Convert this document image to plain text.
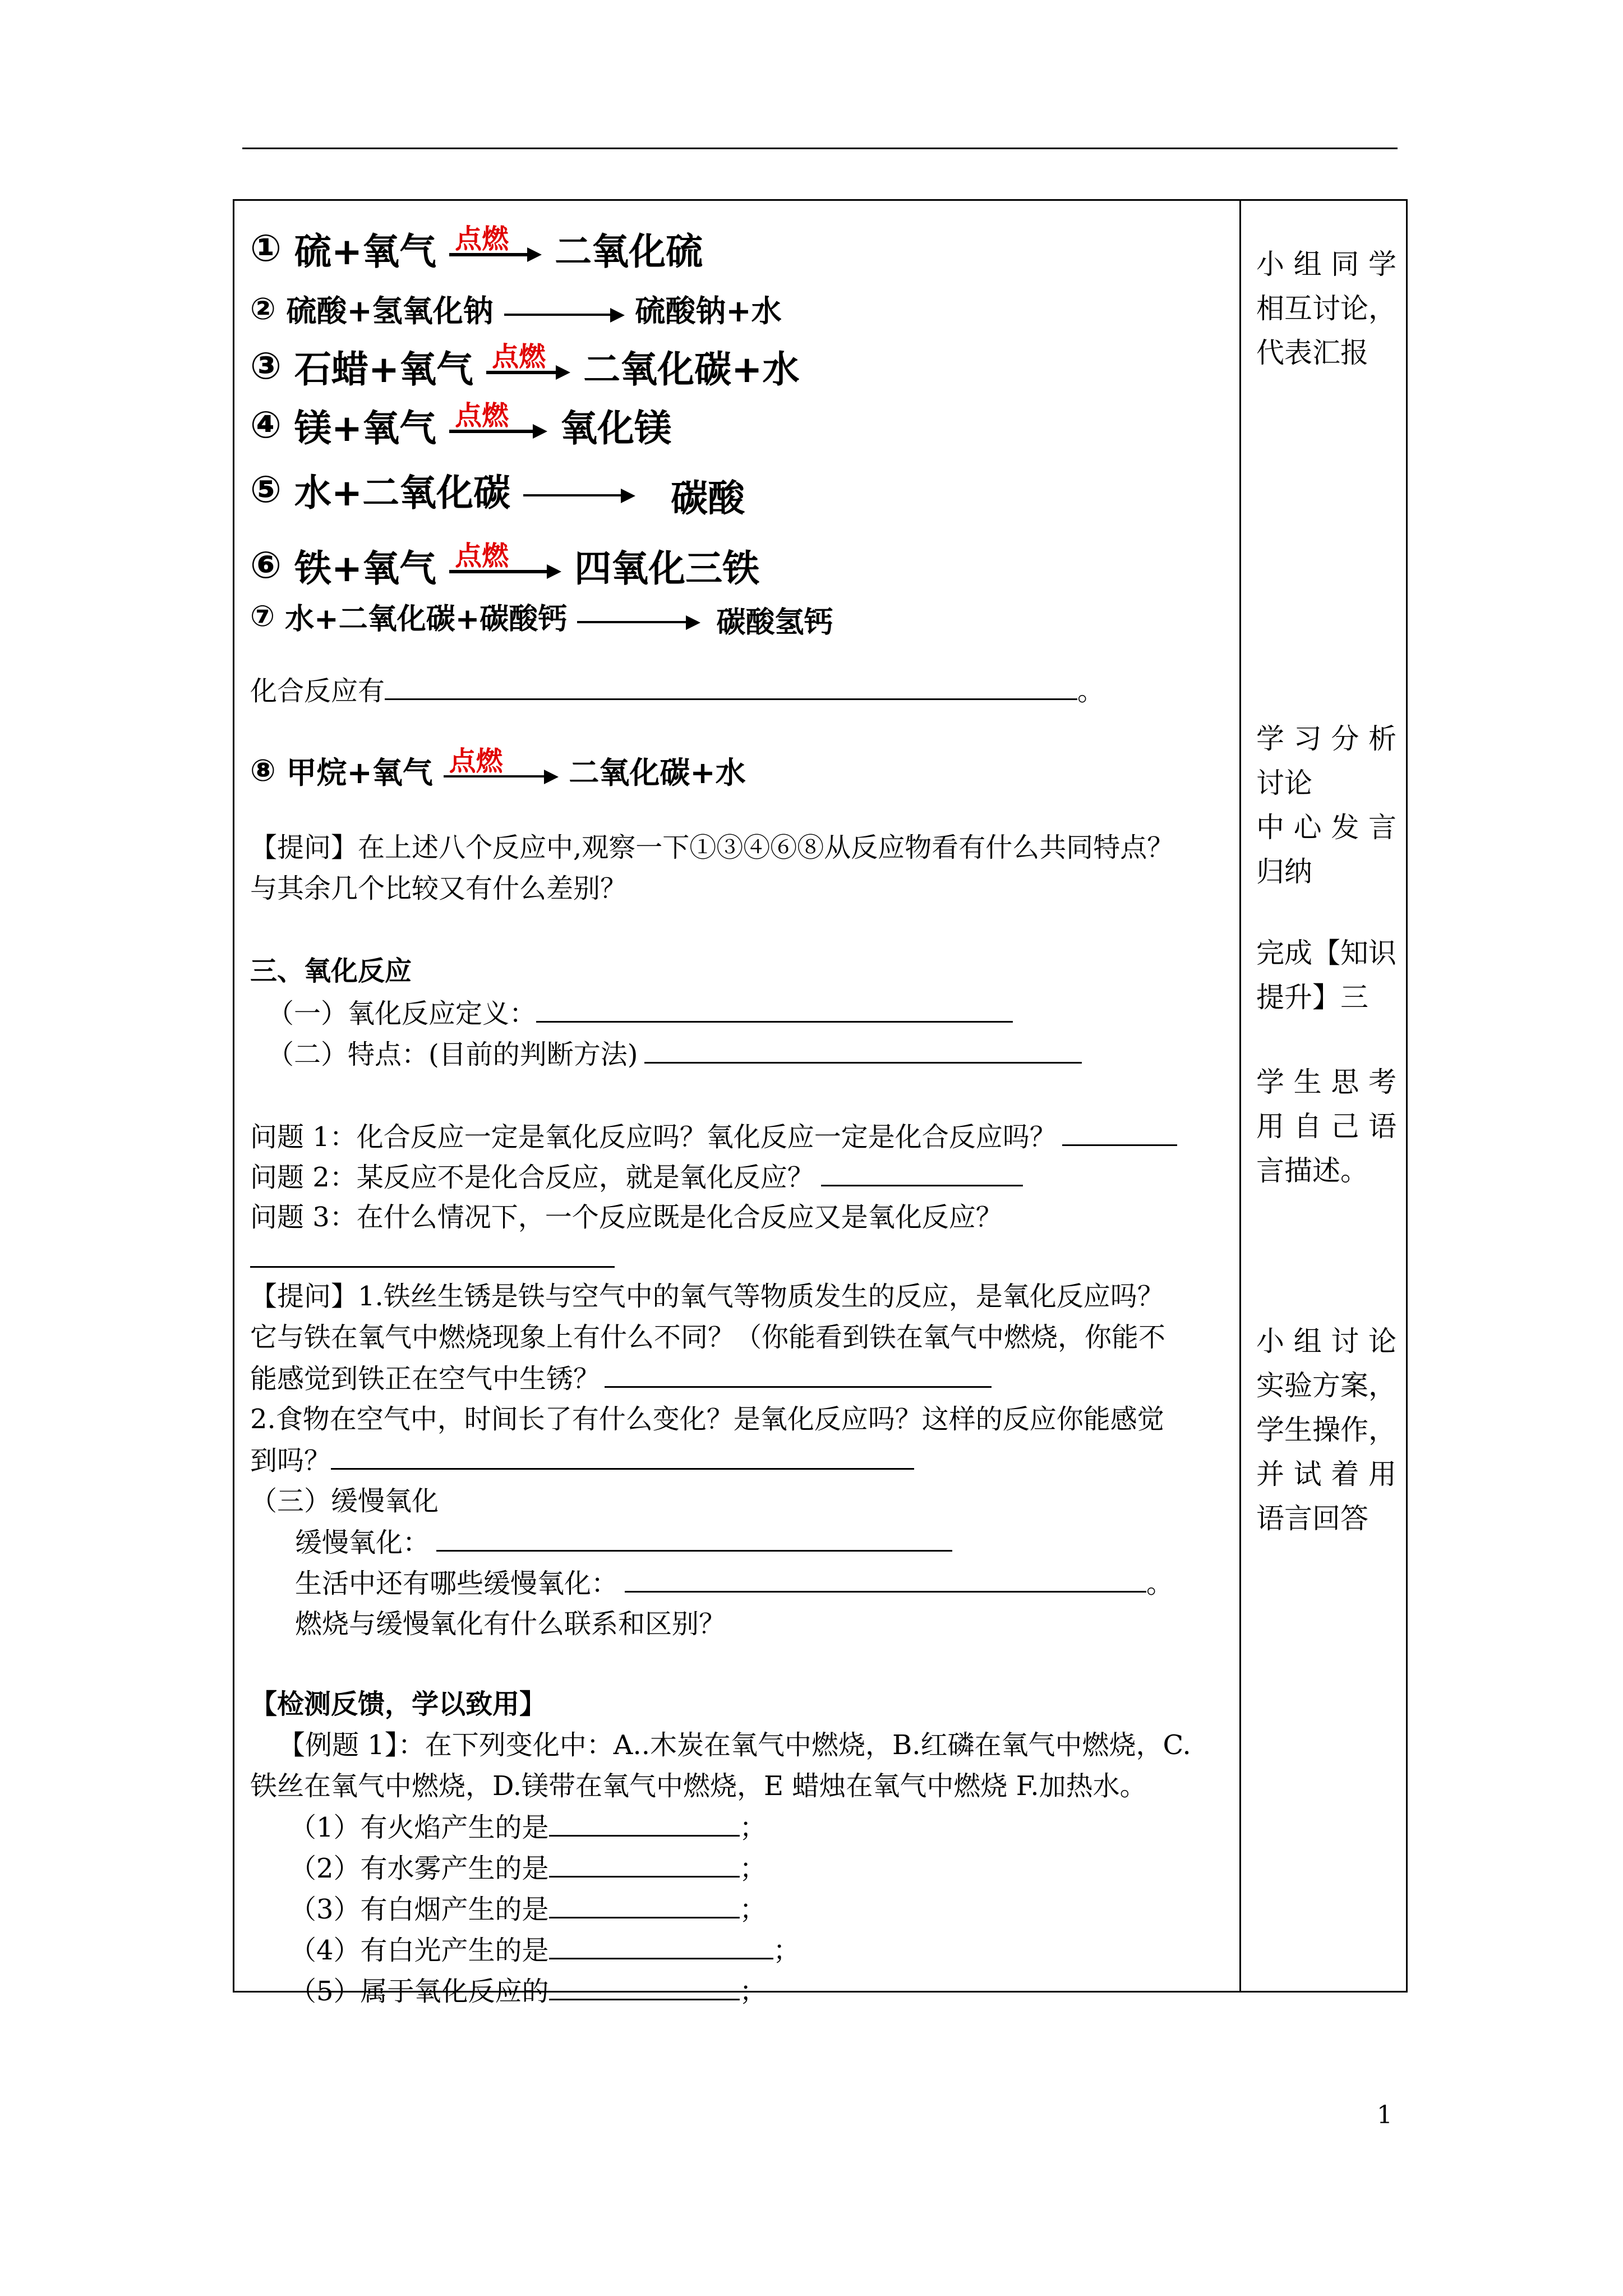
① 硫+氧气 点燃 二氧化硫
② 硫酸+氢氧化钠	硫酸钠+水
③ 石蜡+氧气 点燃 二氧化碳+水
④ 镁+氧气 点燃 氧化镁
⑤ 水+二氧化碳	碳酸
⑥ 铁+氧气 点燃 四氧化三铁
⑦ 水+二氧化碳+碳酸钙	碳酸氢钙
化合反应有	。
⑧ 甲烷+氧气 点燃 二氧化碳+水
【提问】在上述八个反应中,观察一下①③④⑥⑧从反应物看有什么共同特点？
与其余几个比较又有什么差别？
三、氧化反应
（一）氧化反应定义：
（二）特点：(目前的判断方法)
问题 1：化合反应一定是氧化反应吗？氧化反应一定是化合反应吗？
问题 2：某反应不是化合反应，就是氧化反应？
问题 3：在什么情况下，一个反应既是化合反应又是氧化反应？
【提问】1.铁丝生锈是铁与空气中的氧气等物质发生的反应，是氧化反应吗？
它与铁在氧气中燃烧现象上有什么不同？（你能看到铁在氧气中燃烧，你能不
能感觉到铁正在空气中生锈？
2.食物在空气中，时间长了有什么变化？是氧化反应吗？这样的反应你能感觉
到吗？
（三）缓慢氧化
缓慢氧化：
生活中还有哪些缓慢氧化：	。
燃烧与缓慢氧化有什么联系和区别？
【检测反馈，学以致用】
【例题 1】：在下列变化中：A..木炭在氧气中燃烧，B.红磷在氧气中燃烧，C.
铁丝在氧气中燃烧，D.镁带在氧气中燃烧，E 蜡烛在氧气中燃烧 F.加热水。
（1）有火焰产生的是	；
（2）有水雾产生的是	；
（3）有白烟产生的是	；
（4）有白光产生的是	；
（5）属于氧化反应的	；
小组同学
相互讨论，
代表汇报
学习分析
讨论
中心发言
归纳
完成【知识
提升】三
学生思考
用自己语
言描述。
小组讨论
实验方案，
学生操作，
并试着用
语言回答
1
